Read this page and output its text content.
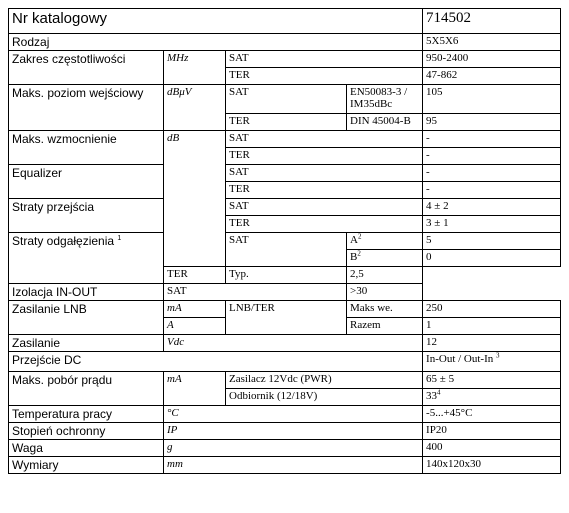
Nr katalogowy				714502
Rodzaj				5X5X6
Zakres częstotliwości	MHz	SAT		950-2400
		TER		47-862
Maks. poziom wejściowy	dBμV	SAT	EN50083-3 / IM35dBc	105
		TER	DIN 45004-B	95
Maks. wzmocnienie	dB	SAT		-
		TER		-
Equalizer		SAT		-
		TER		-
Straty przejścia		SAT		4 ± 2
		TER		3 ± 1
Straty odgałęzienia $^1$		SAT	$A^2$	5
			$B^2$	0
	TER	Typ.	2,5	
Izolacja IN-OUT	SAT		>30	
Zasilanie LNB	mA	LNB/TER	Maks we.	250
	A		Razem	1
Zasilanie	Vdc			12
Przejście DC				In-Out / Out-In $^3$
Maks. pobór prądu	mA	Zasilacz 12Vdc (PWR)		65 ± 5
		Odbiornik (12/18V)		$33^4$
Temperatura pracy	°C			-5...+45°C
Stopień ochronny	IP			IP20
Waga	g			400
Wymiary	mm			140x120x30
